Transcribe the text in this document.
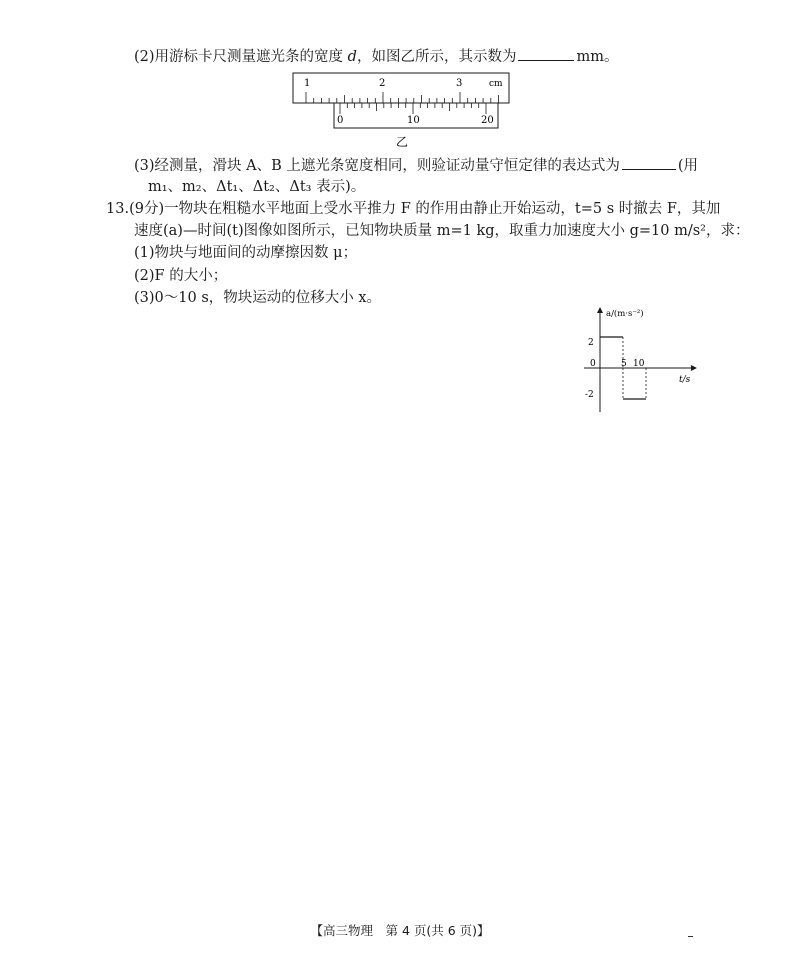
(2)用游标卡尺测量遮光条的宽度 d，如图乙所示，其示数为	mm。
1	2	3	cm
0	10	20
乙
(3)经测量，滑块 A、B 上遮光条宽度相同，则验证动量守恒定律的表达式为	(用
m₁、m₂、Δt₁、Δt₂、Δt₃ 表示)。
13.(9分)一物块在粗糙水平地面上受水平推力 F 的作用由静止开始运动，t=5 s 时撤去 F，其加
速度(a)—时间(t)图像如图所示，已知物块质量 m=1 kg，取重力加速度大小 g=10 m/s²，求：
(1)物块与地面间的动摩擦因数 μ；
(2)F 的大小；
(3)0～10 s，物块运动的位移大小 x。
a/(m·s⁻²)
t/s
2
0
-2
5 10
【高三物理　第 4 页(共 6 页)】
